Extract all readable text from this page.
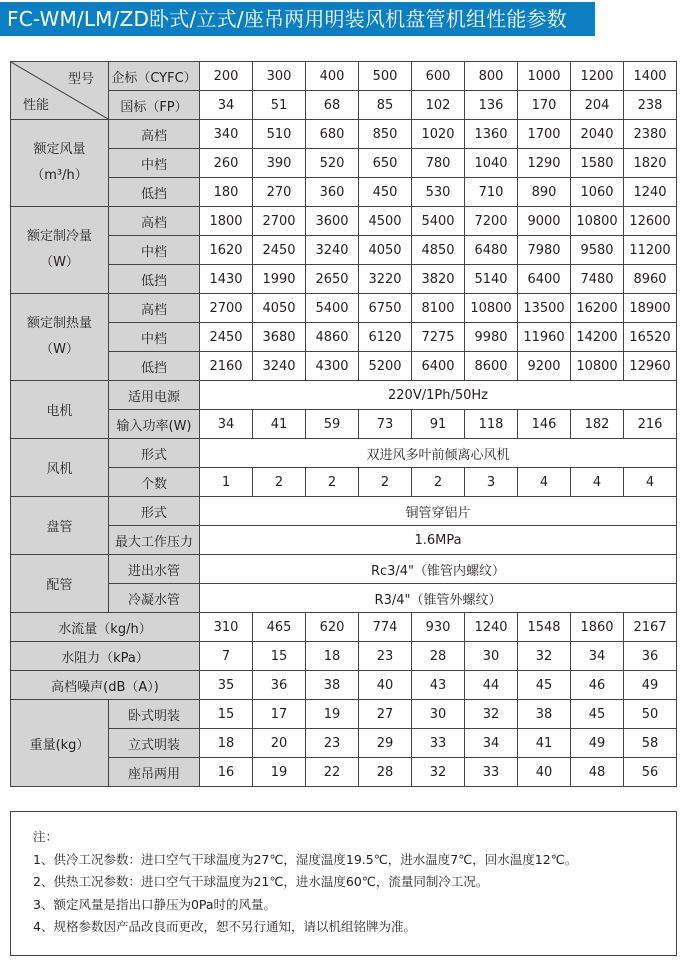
FC-WM/LM/ZD卧式/立式/座吊两用明装风机盘管机组性能参数
型号
性能	企标（CYFC）	200	300	400	500	600	800	1000	1200	1400
	国标（FP）	34	51	68	85	102	136	170	204	238

额定风量
（m³/h）	高档	340	510	680	850	1020	1360	1700	2040	2380
	中档	260	390	520	650	780	1040	1290	1580	1820
	低挡	180	270	360	450	530	710	890	1060	1240

额定制冷量
（W）	高档	1800	2700	3600	4500	5400	7200	9000	10800	12600
	中档	1620	2450	3240	4050	4850	6480	7980	9580	11200
	低挡	1430	1990	2650	3220	3820	5140	6400	7480	8960

额定制热量
（W）	高档	2700	4050	5400	6750	8100	10800	13500	16200	18900
	中档	2450	3680	4860	6120	7275	9980	11960	14200	16520
	低挡	2160	3240	4300	5200	6400	8600	9200	10800	12960
电机	适用电源	220V/1Ph/50Hz								
	输入功率(W)	34	41	59	73	91	118	146	182	216
风机	形式	双进风多叶前倾离心风机								
	个数	1	2	2	2	2	3	4	4	4
盘管	形式	铜管穿铝片								
	最大工作压力	1.6MPa								
配管	进出水管	Rc3/4"（锥管内螺纹）								
	冷凝水管	R3/4"（锥管外螺纹）								
水流量（kg/h）		310	465	620	774	930	1240	1548	1860	2167
水阻力（kPa）		7	15	18	23	28	30	32	34	36
高档噪声(dB（A）)		35	36	38	40	43	44	45	46	49
重量(kg）	卧式明装	15	17	19	27	30	32	38	45	50
	立式明装	18	20	23	29	33	34	41	49	58
	座吊两用	16	19	22	28	32	33	40	48	56
注：
1、供冷工况参数：进口空气干球温度为27℃，湿度温度19.5℃，进水温度7℃，回水温度12℃。
2、供热工况参数：进口空气干球温度为21℃，进水温度60℃，流量同制冷工况。
3、额定风量是指出口静压为0Pa时的风量。
4、规格参数因产品改良而更改，恕不另行通知，请以机组铭牌为准。
